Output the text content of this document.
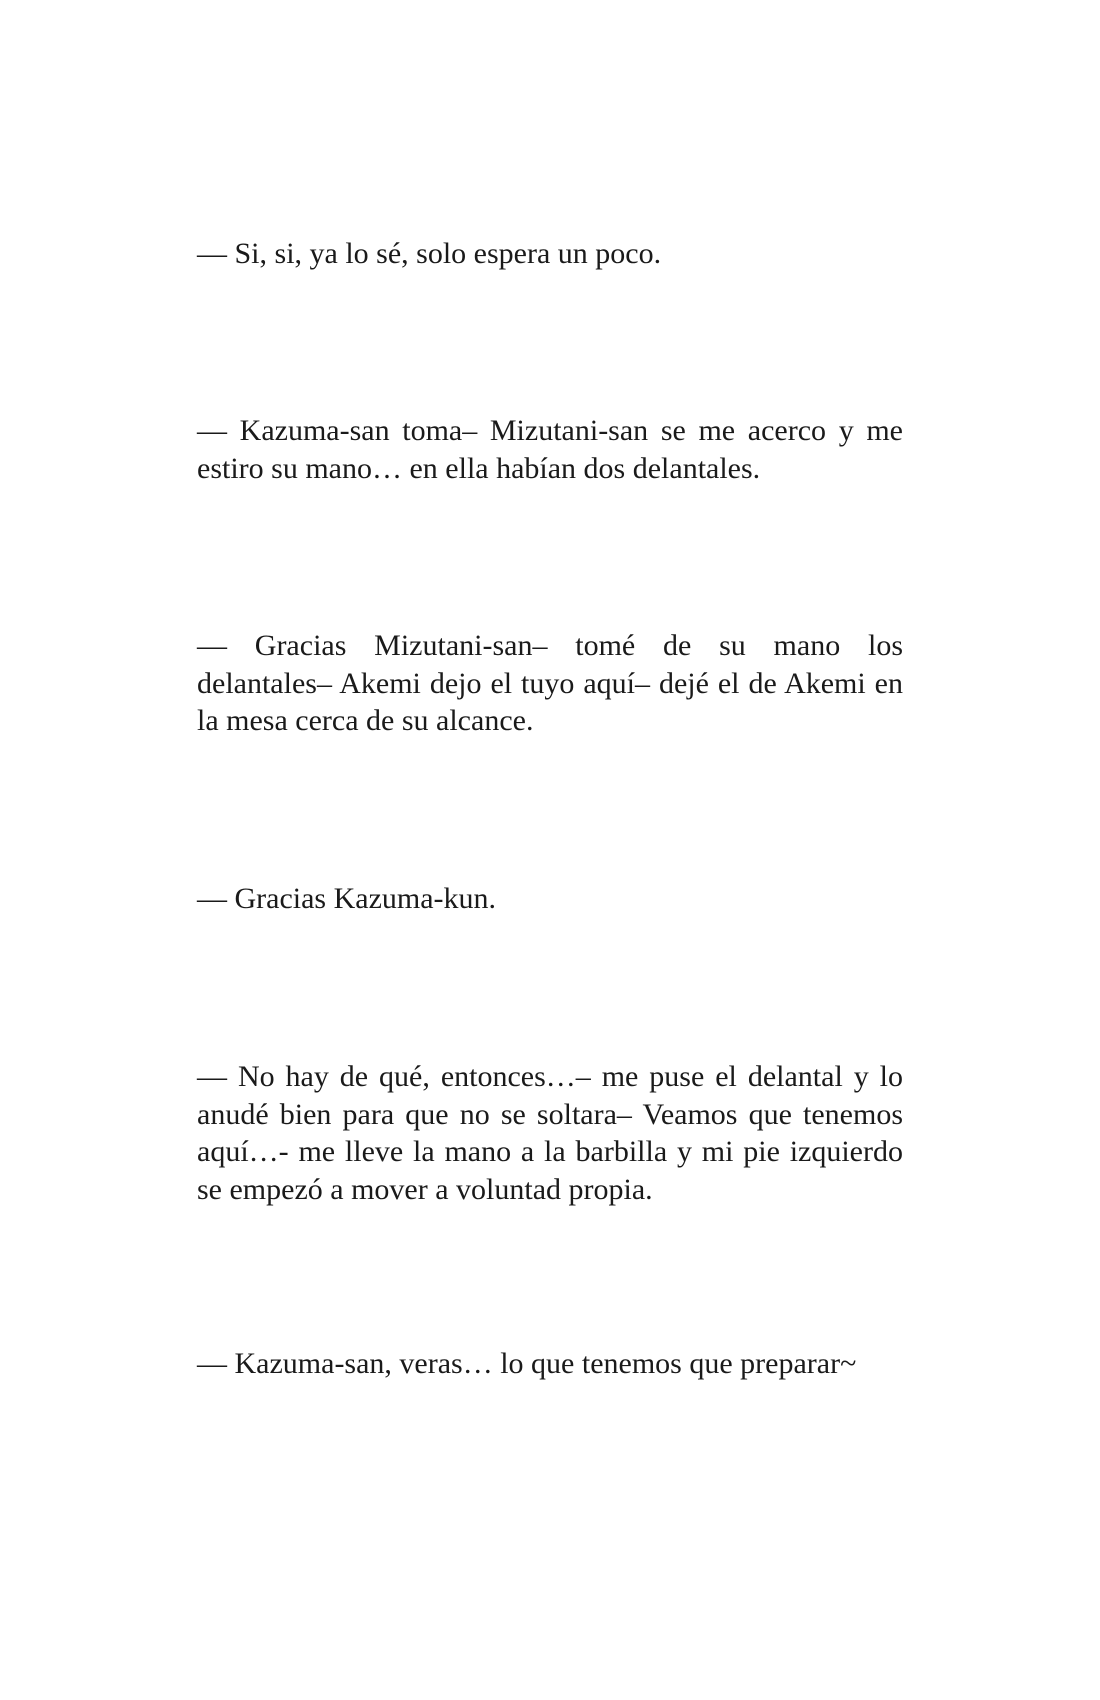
— Si, si, ya lo sé, solo espera un poco.

— Kazuma-san toma– Mizutani-san se me acerco y me estiro su mano… en ella habían dos delantales.

— Gracias Mizutani-san– tomé de su mano los delantales– Akemi dejo el tuyo aquí– dejé el de Akemi en la mesa cerca de su alcance.

— Gracias Kazuma-kun.

— No hay de qué, entonces…– me puse el delantal y lo anudé bien para que no se soltara– Veamos que tenemos aquí…- me lleve la mano a la barbilla y mi pie izquierdo se empezó a mover a voluntad propia.

— Kazuma-san, veras… lo que tenemos que preparar~
